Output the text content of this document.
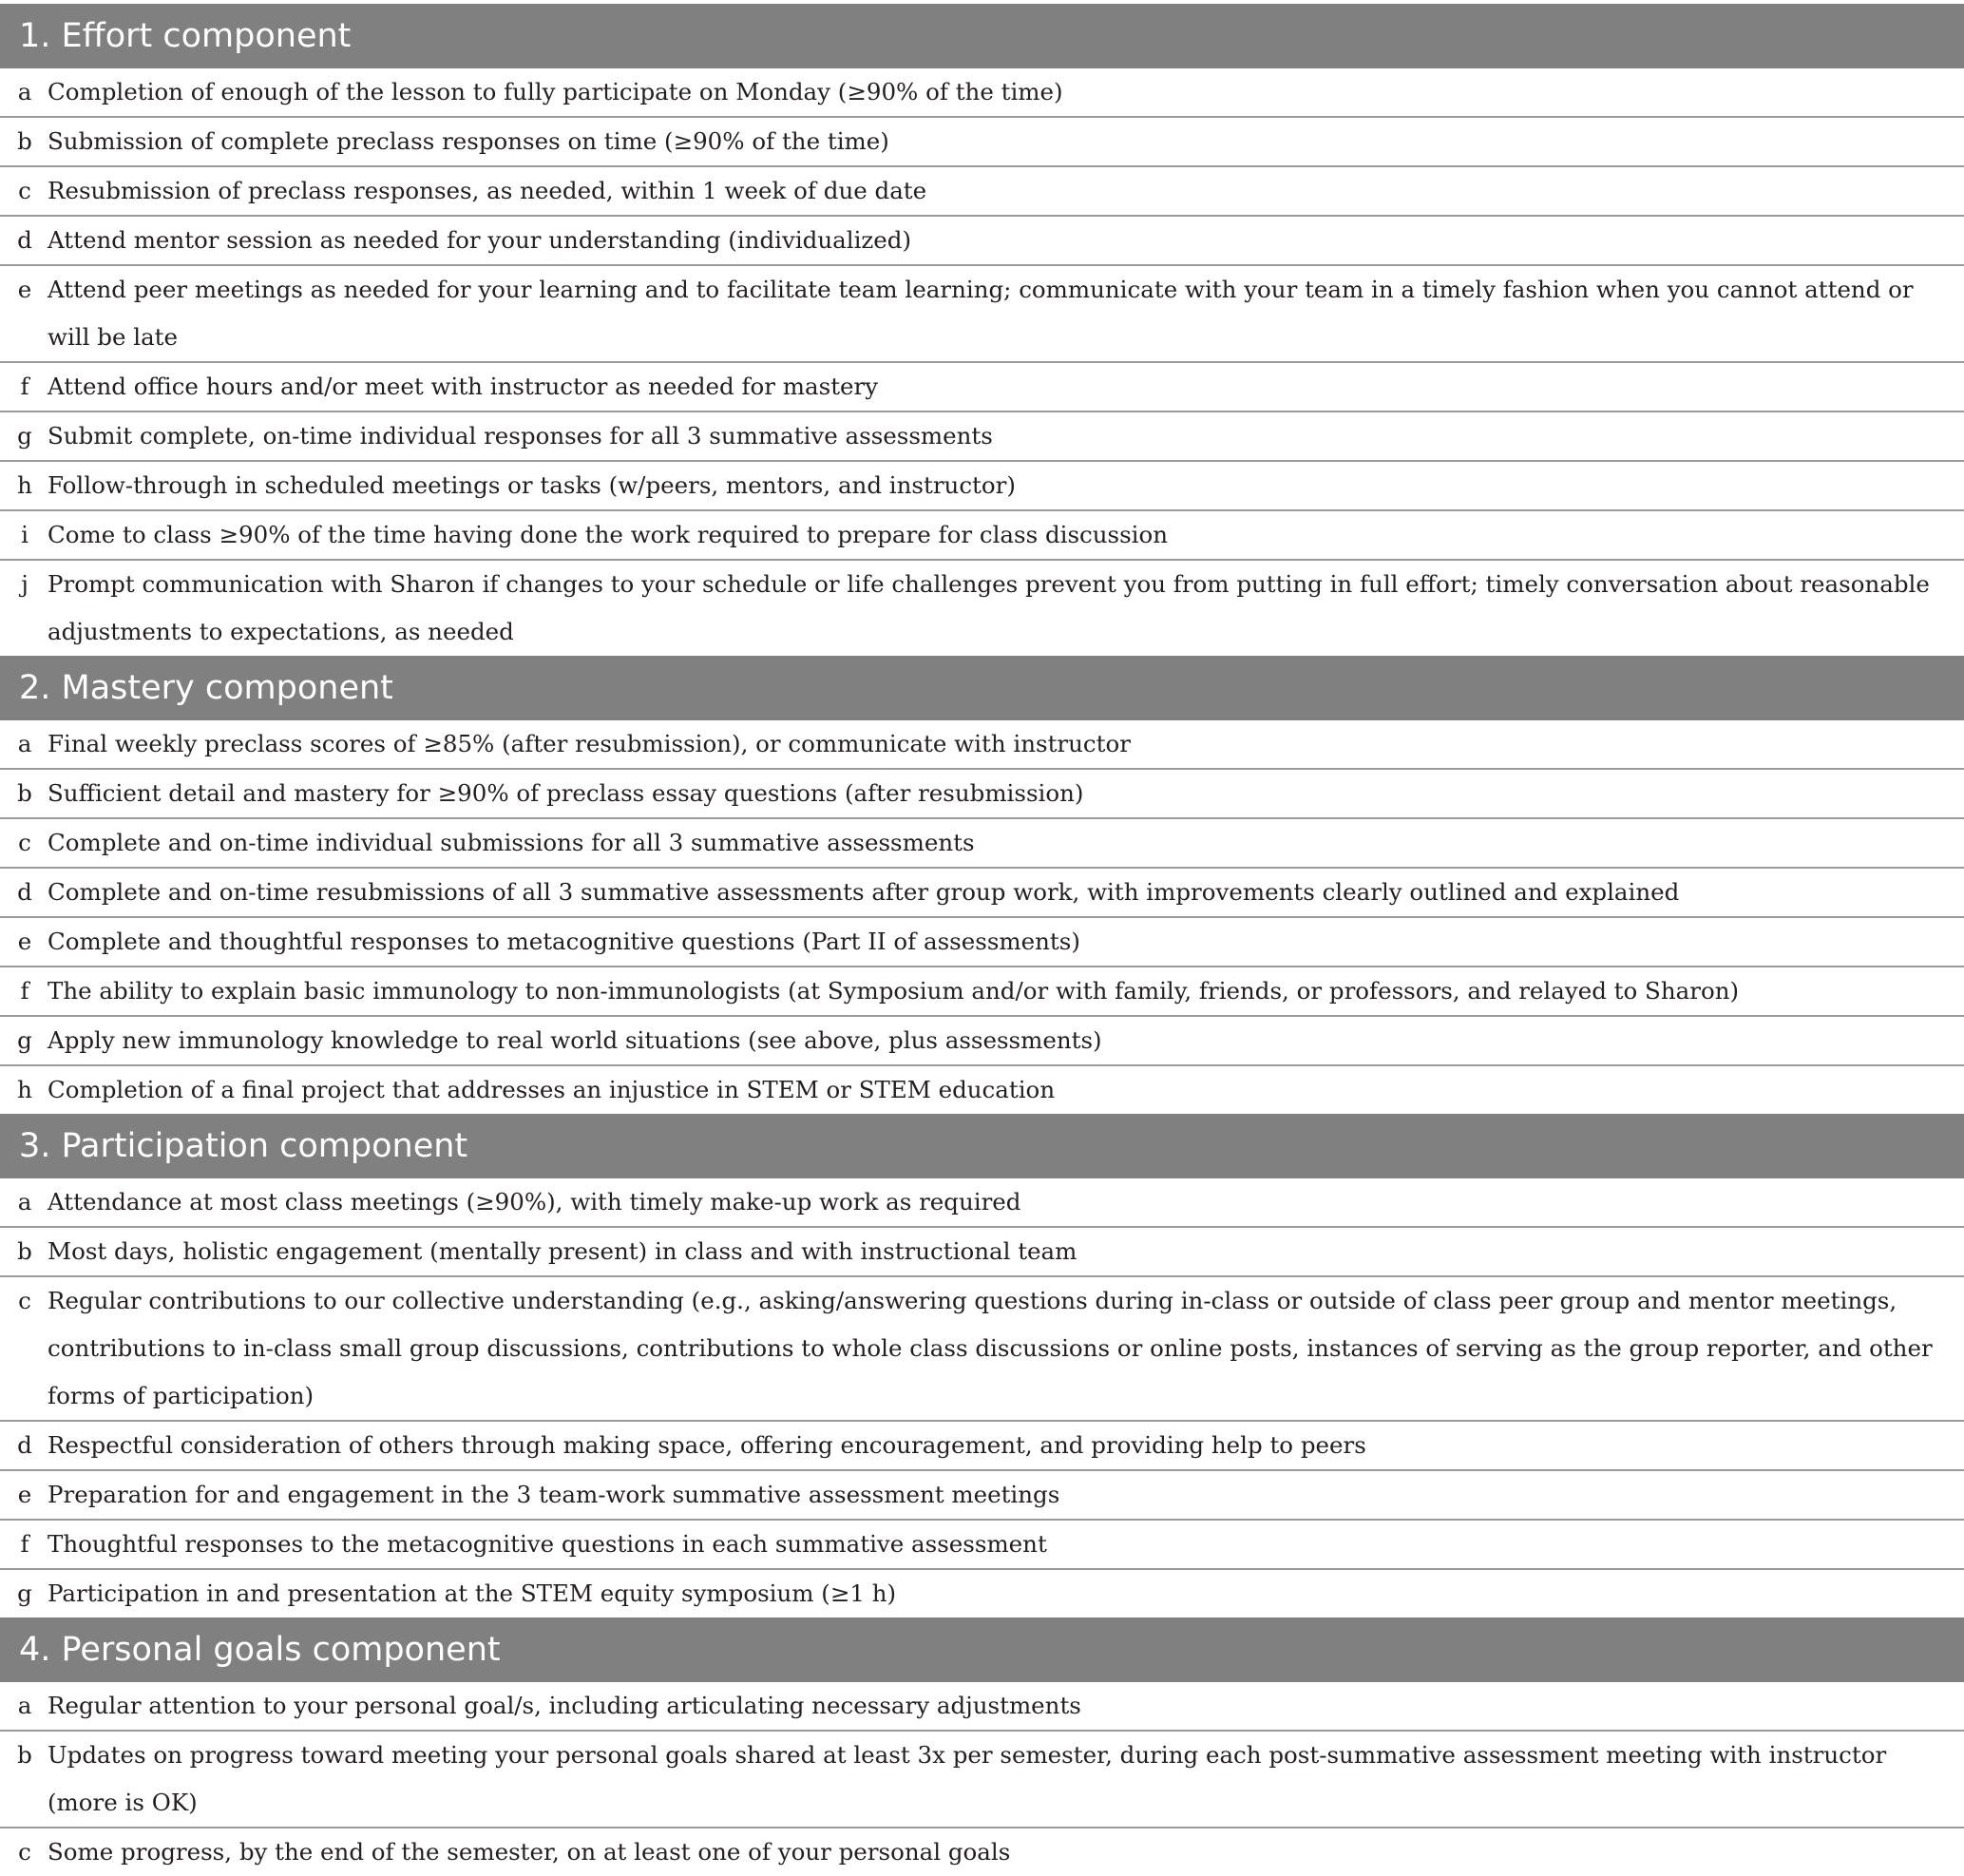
1. Effort component	
a	Completion of enough of the lesson to fully participate on Monday (≥90% of the time)
b	Submission of complete preclass responses on time (≥90% of the time)
c	Resubmission of preclass responses, as needed, within 1 week of due date
d	Attend mentor session as needed for your understanding (individualized)
e	Attend peer meetings as needed for your learning and to facilitate team learning; communicate with your team in a timely fashion when you cannot attend or will be late
f	Attend office hours and/or meet with instructor as needed for mastery
g	Submit complete, on-time individual responses for all 3 summative assessments
h	Follow-through in scheduled meetings or tasks (w/peers, mentors, and instructor)
i	Come to class ≥90% of the time having done the work required to prepare for class discussion
j	Prompt communication with Sharon if changes to your schedule or life challenges prevent you from putting in full effort; timely conversation about reasonable adjustments to expectations, as needed
2. Mastery component	
a	Final weekly preclass scores of ≥85% (after resubmission), or communicate with instructor
b	Sufficient detail and mastery for ≥90% of preclass essay questions (after resubmission)
c	Complete and on-time individual submissions for all 3 summative assessments
d	Complete and on-time resubmissions of all 3 summative assessments after group work, with improvements clearly outlined and explained
e	Complete and thoughtful responses to metacognitive questions (Part II of assessments)
f	The ability to explain basic immunology to non-immunologists (at Symposium and/or with family, friends, or professors, and relayed to Sharon)
g	Apply new immunology knowledge to real world situations (see above, plus assessments)
h	Completion of a final project that addresses an injustice in STEM or STEM education
3. Participation component	
a	Attendance at most class meetings (≥90%), with timely make-up work as required
b	Most days, holistic engagement (mentally present) in class and with instructional team
c	Regular contributions to our collective understanding (e.g., asking/answering questions during in-class or outside of class peer group and mentor meetings, contributions to in-class small group discussions, contributions to whole class discussions or online posts, instances of serving as the group reporter, and other forms of participation)
d	Respectful consideration of others through making space, offering encouragement, and providing help to peers
e	Preparation for and engagement in the 3 team-work summative assessment meetings
f	Thoughtful responses to the metacognitive questions in each summative assessment
g	Participation in and presentation at the STEM equity symposium (≥1 h)
4. Personal goals component	
a	Regular attention to your personal goal/s, including articulating necessary adjustments
b	Updates on progress toward meeting your personal goals shared at least 3x per semester, during each post-summative assessment meeting with instructor (more is OK)
c	Some progress, by the end of the semester, on at least one of your personal goals
